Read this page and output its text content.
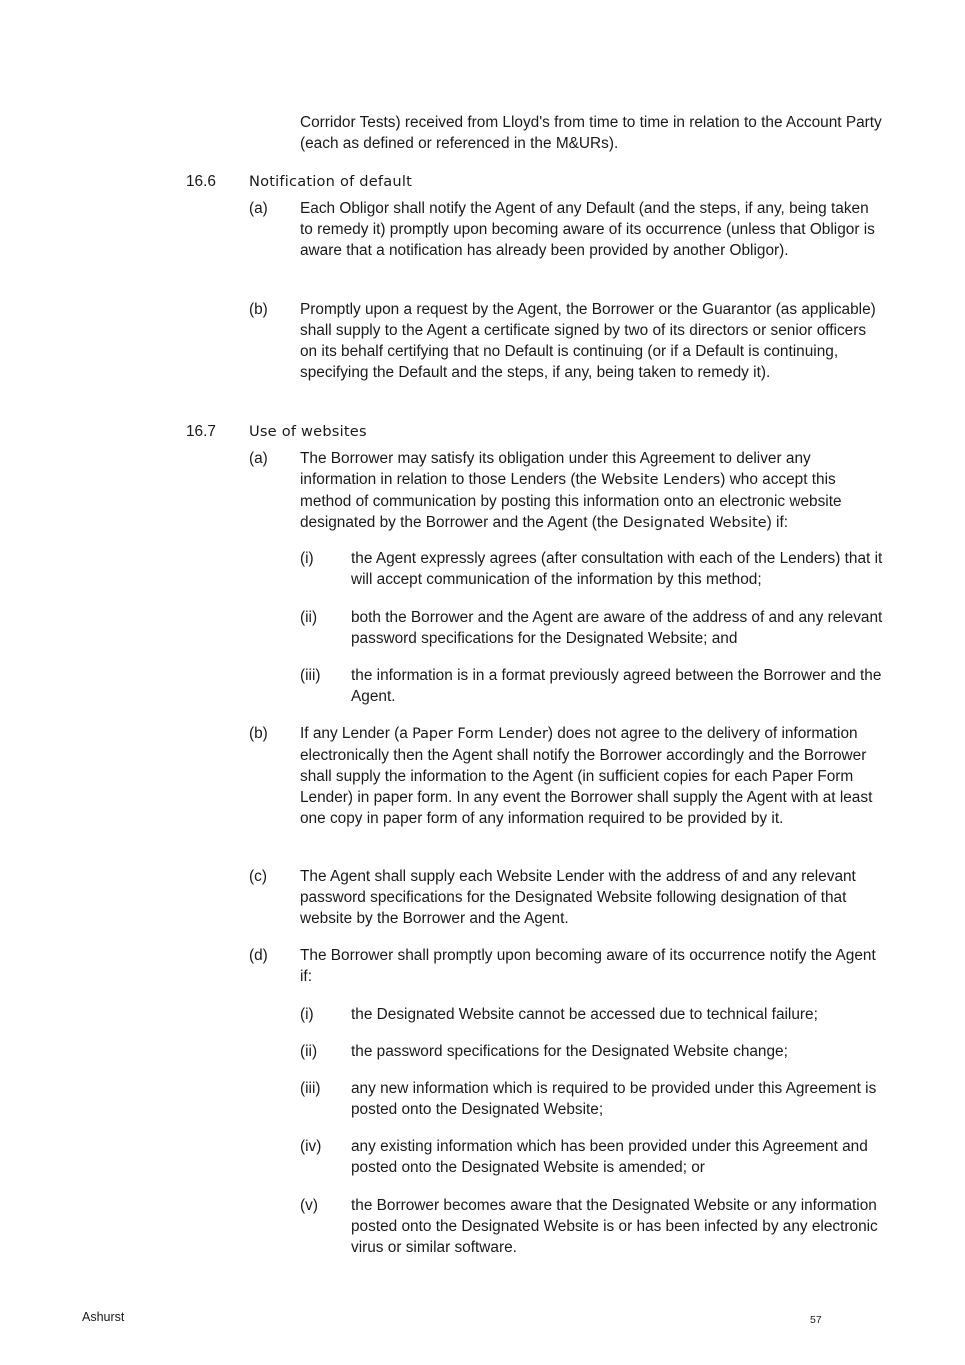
Corridor Tests) received from Lloyd's from time to time in relation to the Account Party (each as defined or referenced in the M&URs).

16.6 Notification of default
(a) Each Obligor shall notify the Agent of any Default (and the steps, if any, being taken to remedy it) promptly upon becoming aware of its occurrence (unless that Obligor is aware that a notification has already been provided by another Obligor).

(b) Promptly upon a request by the Agent, the Borrower or the Guarantor (as applicable) shall supply to the Agent a certificate signed by two of its directors or senior officers on its behalf certifying that no Default is continuing (or if a Default is continuing, specifying the Default and the steps, if any, being taken to remedy it).

16.7 Use of websites
(a) The Borrower may satisfy its obligation under this Agreement to deliver any information in relation to those Lenders (the Website Lenders) who accept this method of communication by posting this information onto an electronic website designated by the Borrower and the Agent (the Designated Website) if:

(i) the Agent expressly agrees (after consultation with each of the Lenders) that it will accept communication of the information by this method;

(ii) both the Borrower and the Agent are aware of the address of and any relevant password specifications for the Designated Website; and

(iii) the information is in a format previously agreed between the Borrower and the Agent.

(b) If any Lender (a Paper Form Lender) does not agree to the delivery of information electronically then the Agent shall notify the Borrower accordingly and the Borrower shall supply the information to the Agent (in sufficient copies for each Paper Form Lender) in paper form. In any event the Borrower shall supply the Agent with at least one copy in paper form of any information required to be provided by it.

(c) The Agent shall supply each Website Lender with the address of and any relevant password specifications for the Designated Website following designation of that website by the Borrower and the Agent.

(d) The Borrower shall promptly upon becoming aware of its occurrence notify the Agent if:

(i) the Designated Website cannot be accessed due to technical failure;

(ii) the password specifications for the Designated Website change;

(iii) any new information which is required to be provided under this Agreement is posted onto the Designated Website;

(iv) any existing information which has been provided under this Agreement and posted onto the Designated Website is amended; or

(v) the Borrower becomes aware that the Designated Website or any information posted onto the Designated Website is or has been infected by any electronic virus or similar software.

Ashurst	57
